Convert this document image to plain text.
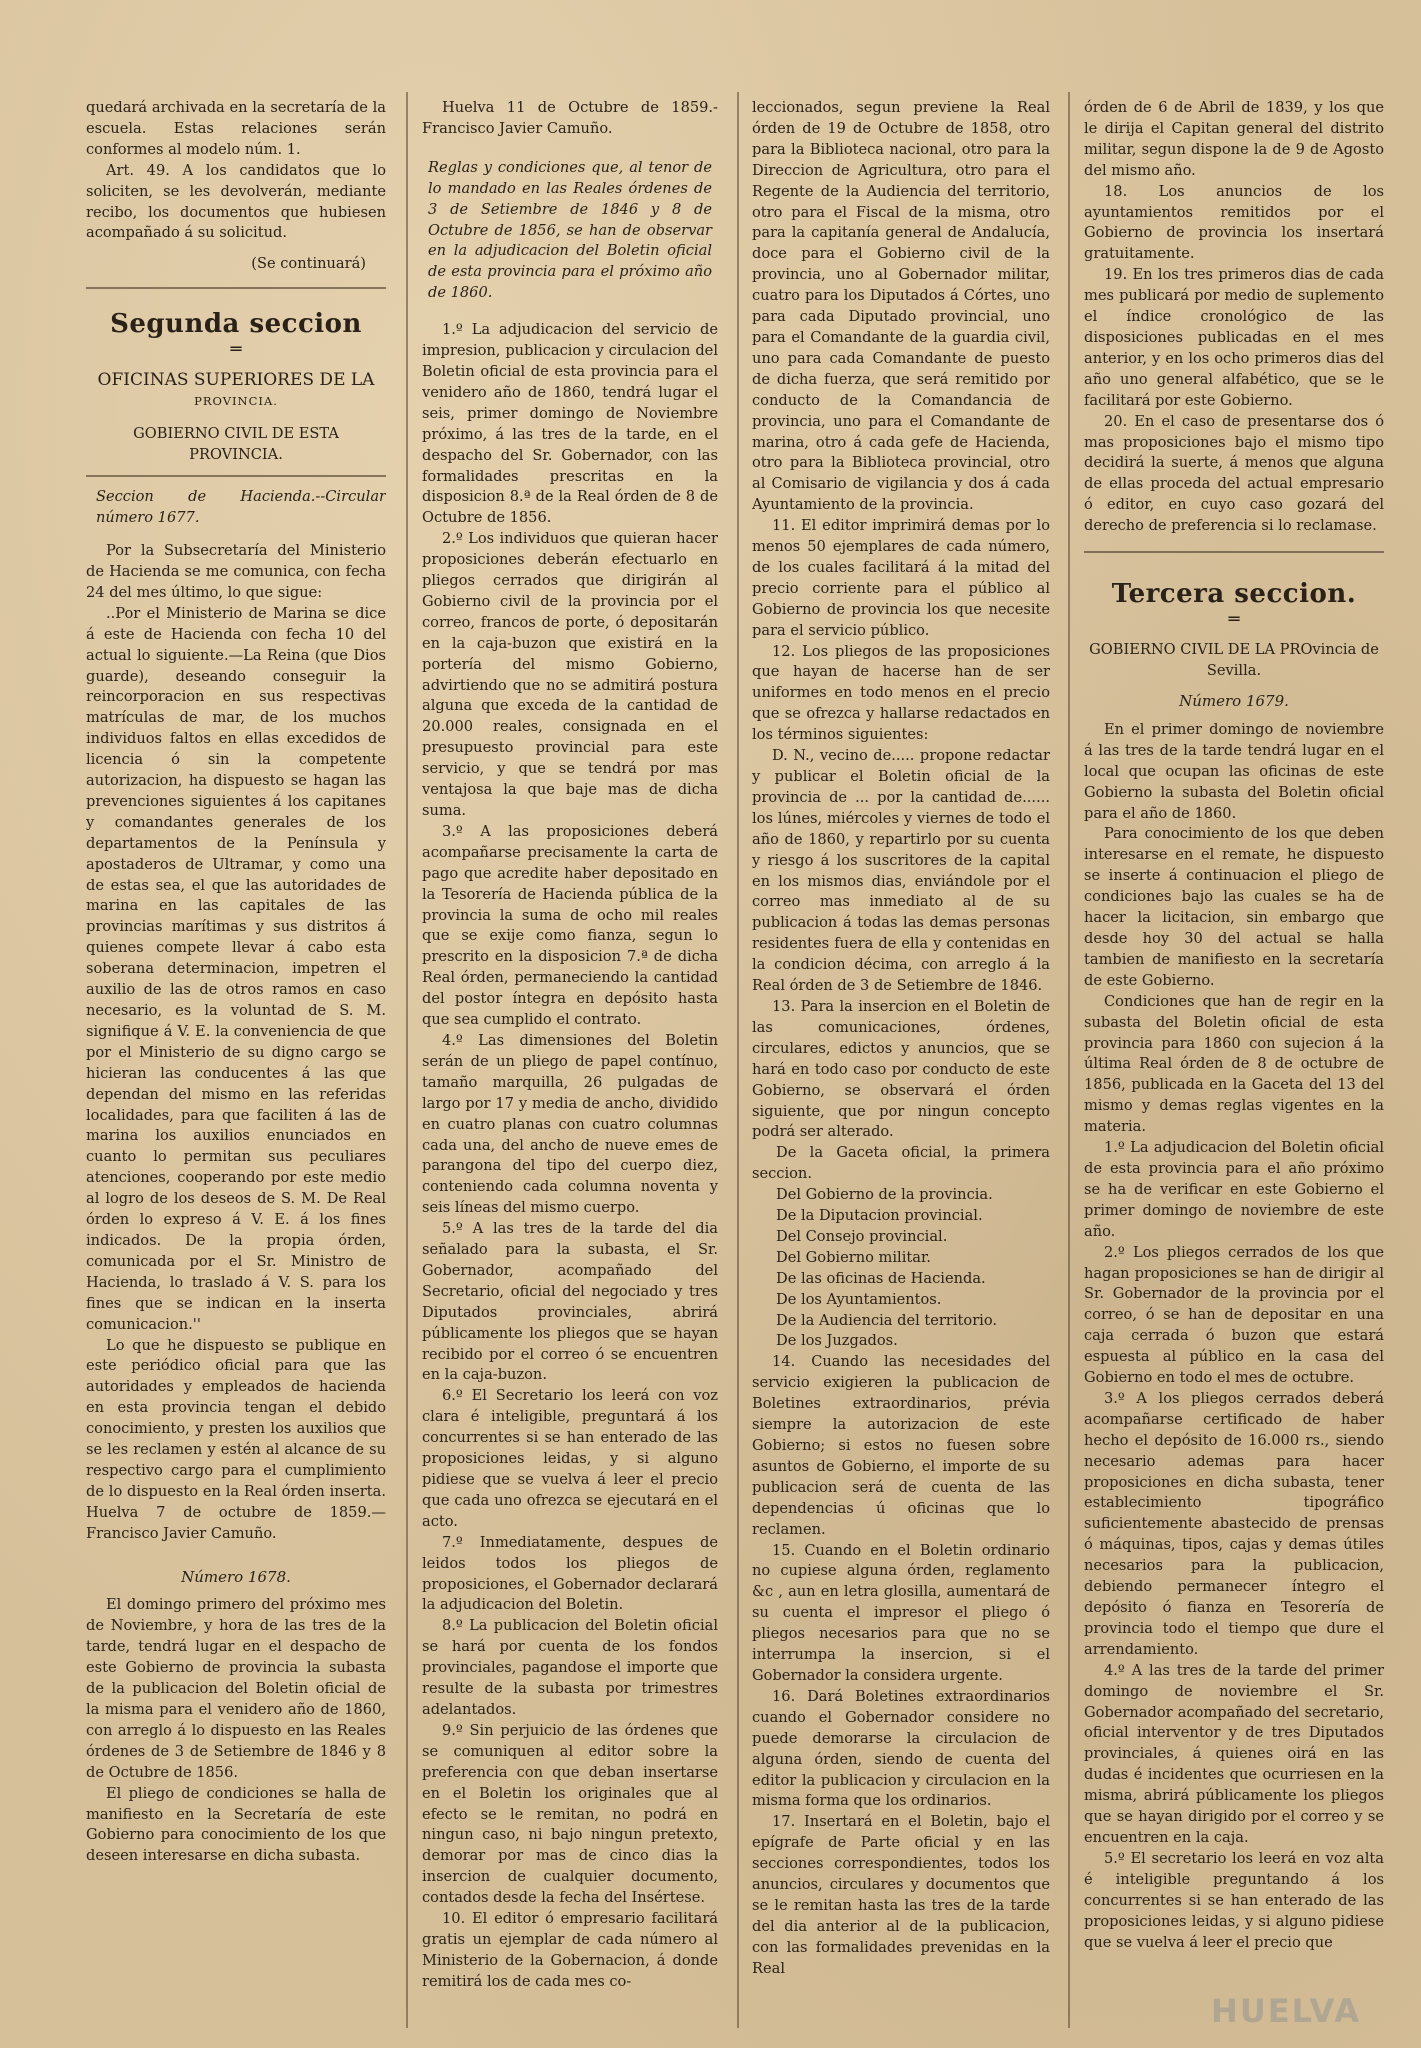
quedará archivada en la secretaría de la escuela. Estas relaciones serán conformes al modelo núm. 1.

Art. 49. A los candidatos que lo soliciten, se les devolverán, mediante recibo, los documentos que hubiesen acompañado á su solicitud.

(Se continuará)

Segunda seccion
═
OFICINAS SUPERIORES DE LA
PROVINCIA.
GOBIERNO CIVIL DE ESTA PROVINCIA.

Seccion de Hacienda.--Circular número 1677.

Por la Subsecretaría del Ministerio de Hacienda se me comunica, con fecha 24 del mes último, lo que sigue:

..Por el Ministerio de Marina se dice á este de Hacienda con fecha 10 del actual lo siguiente.—La Reina (que Dios guarde), deseando conseguir la reincorporacion en sus respectivas matrículas de mar, de los muchos individuos faltos en ellas excedidos de licencia ó sin la competente autorizacion, ha dispuesto se hagan las prevenciones siguientes á los capitanes y comandantes generales de los departamentos de la Península y apostaderos de Ultramar, y como una de estas sea, el que las autoridades de marina en las capitales de las provincias marítimas y sus distritos á quienes compete llevar á cabo esta soberana determinacion, impetren el auxilio de las de otros ramos en caso necesario, es la voluntad de S. M. signifique á V. E. la conveniencia de que por el Ministerio de su digno cargo se hicieran las conducentes á las que dependan del mismo en las referidas localidades, para que faciliten á las de marina los auxilios enunciados en cuanto lo permitan sus peculiares atenciones, cooperando por este medio al logro de los deseos de S. M. De Real órden lo expreso á V. E. á los fines indicados. De la propia órden, comunicada por el Sr. Ministro de Hacienda, lo traslado á V. S. para los fines que se indican en la inserta comunicacion.''

Lo que he dispuesto se publique en este periódico oficial para que las autoridades y empleados de hacienda en esta provincia tengan el debido conocimiento, y presten los auxilios que se les reclamen y estén al alcance de su respectivo cargo para el cumplimiento de lo dispuesto en la Real órden inserta. Huelva 7 de octubre de 1859.—Francisco Javier Camuño.

Número 1678.

El domingo primero del próximo mes de Noviembre, y hora de las tres de la tarde, tendrá lugar en el despacho de este Gobierno de provincia la subasta de la publicacion del Boletin oficial de la misma para el venidero año de 1860, con arreglo á lo dispuesto en las Reales órdenes de 3 de Setiembre de 1846 y 8 de Octubre de 1856.

El pliego de condiciones se halla de manifiesto en la Secretaría de este Gobierno para conocimiento de los que deseen interesarse en dicha subasta.

Huelva 11 de Octubre de 1859.-Francisco Javier Camuño.

Reglas y condiciones que, al tenor de lo mandado en las Reales órdenes de 3 de Setiembre de 1846 y 8 de Octubre de 1856, se han de observar en la adjudicacion del Boletin oficial de esta provincia para el próximo año de 1860.

1.º La adjudicacion del servicio de impresion, publicacion y circulacion del Boletin oficial de esta provincia para el venidero año de 1860, tendrá lugar el seis, primer domingo de Noviembre próximo, á las tres de la tarde, en el despacho del Sr. Gobernador, con las formalidades prescritas en la disposicion 8.ª de la Real órden de 8 de Octubre de 1856.

2.º Los individuos que quieran hacer proposiciones deberán efectuarlo en pliegos cerrados que dirigirán al Gobierno civil de la provincia por el correo, francos de porte, ó depositarán en la caja-buzon que existirá en la portería del mismo Gobierno, advirtiendo que no se admitirá postura alguna que exceda de la cantidad de 20.000 reales, consignada en el presupuesto provincial para este servicio, y que se tendrá por mas ventajosa la que baje mas de dicha suma.

3.º A las proposiciones deberá acompañarse precisamente la carta de pago que acredite haber depositado en la Tesorería de Hacienda pública de la provincia la suma de ocho mil reales que se exije como fianza, segun lo prescrito en la disposicion 7.ª de dicha Real órden, permaneciendo la cantidad del postor íntegra en depósito hasta que sea cumplido el contrato.

4.º Las dimensiones del Boletin serán de un pliego de papel contínuo, tamaño marquilla, 26 pulgadas de largo por 17 y media de ancho, dividido en cuatro planas con cuatro columnas cada una, del ancho de nueve emes de parangona del tipo del cuerpo diez, conteniendo cada columna noventa y seis líneas del mismo cuerpo.

5.º A las tres de la tarde del dia señalado para la subasta, el Sr. Gobernador, acompañado del Secretario, oficial del negociado y tres Diputados provinciales, abrirá públicamente los pliegos que se hayan recibido por el correo ó se encuentren en la caja-buzon.

6.º El Secretario los leerá con voz clara é inteligible, preguntará á los concurrentes si se han enterado de las proposiciones leidas, y si alguno pidiese que se vuelva á leer el precio que cada uno ofrezca se ejecutará en el acto.

7.º Inmediatamente, despues de leidos todos los pliegos de proposiciones, el Gobernador declarará la adjudicacion del Boletin.

8.º La publicacion del Boletin oficial se hará por cuenta de los fondos provinciales, pagandose el importe que resulte de la subasta por trimestres adelantados.

9.º Sin perjuicio de las órdenes que se comuniquen al editor sobre la preferencia con que deban insertarse en el Boletin los originales que al efecto se le remitan, no podrá en ningun caso, ni bajo ningun pretexto, demorar por mas de cinco dias la insercion de cualquier documento, contados desde la fecha del Insértese.

10. El editor ó empresario facilitará gratis un ejemplar de cada número al Ministerio de la Gobernacion, á donde remitirá los de cada mes co-

leccionados, segun previene la Real órden de 19 de Octubre de 1858, otro para la Biblioteca nacional, otro para la Direccion de Agricultura, otro para el Regente de la Audiencia del territorio, otro para el Fiscal de la misma, otro para la capitanía general de Andalucía, doce para el Gobierno civil de la provincia, uno al Gobernador militar, cuatro para los Diputados á Córtes, uno para cada Diputado provincial, uno para el Comandante de la guardia civil, uno para cada Comandante de puesto de dicha fuerza, que será remitido por conducto de la Comandancia de provincia, uno para el Comandante de marina, otro á cada gefe de Hacienda, otro para la Biblioteca provincial, otro al Comisario de vigilancia y dos á cada Ayuntamiento de la provincia.

11. El editor imprimirá demas por lo menos 50 ejemplares de cada número, de los cuales facilitará á la mitad del precio corriente para el público al Gobierno de provincia los que necesite para el servicio público.

12. Los pliegos de las proposiciones que hayan de hacerse han de ser uniformes en todo menos en el precio que se ofrezca y hallarse redactados en los términos siguientes:

D. N., vecino de..... propone redactar y publicar el Boletin oficial de la provincia de ... por la cantidad de...... los lúnes, miércoles y viernes de todo el año de 1860, y repartirlo por su cuenta y riesgo á los suscritores de la capital en los mismos dias, enviándole por el correo mas inmediato al de su publicacion á todas las demas personas residentes fuera de ella y contenidas en la condicion décima, con arreglo á la Real órden de 3 de Setiembre de 1846.

13. Para la insercion en el Boletin de las comunicaciones, órdenes, circulares, edictos y anuncios, que se hará en todo caso por conducto de este Gobierno, se observará el órden siguiente, que por ningun concepto podrá ser alterado.

De la Gaceta oficial, la primera seccion.

Del Gobierno de la provincia.

De la Diputacion provincial.

Del Consejo provincial.

Del Gobierno militar.

De las oficinas de Hacienda.

De los Ayuntamientos.

De la Audiencia del territorio.

De los Juzgados.

14. Cuando las necesidades del servicio exigieren la publicacion de Boletines extraordinarios, prévia siempre la autorizacion de este Gobierno; si estos no fuesen sobre asuntos de Gobierno, el importe de su publicacion será de cuenta de las dependencias ú oficinas que lo reclamen.

15. Cuando en el Boletin ordinario no cupiese alguna órden, reglamento &c , aun en letra glosilla, aumentará de su cuenta el impresor el pliego ó pliegos necesarios para que no se interrumpa la insercion, si el Gobernador la considera urgente.

16. Dará Boletines extraordinarios cuando el Gobernador considere no puede demorarse la circulacion de alguna órden, siendo de cuenta del editor la publicacion y circulacion en la misma forma que los ordinarios.

17. Insertará en el Boletin, bajo el epígrafe de Parte oficial y en las secciones correspondientes, todos los anuncios, circulares y documentos que se le remitan hasta las tres de la tarde del dia anterior al de la publicacion, con las formalidades prevenidas en la Real

órden de 6 de Abril de 1839, y los que le dirija el Capitan general del distrito militar, segun dispone la de 9 de Agosto del mismo año.

18. Los anuncios de los ayuntamientos remitidos por el Gobierno de provincia los insertará gratuitamente.

19. En los tres primeros dias de cada mes publicará por medio de suplemento el índice cronológico de las disposiciones publicadas en el mes anterior, y en los ocho primeros dias del año uno general alfabético, que se le facilitará por este Gobierno.

20. En el caso de presentarse dos ó mas proposiciones bajo el mismo tipo decidirá la suerte, á menos que alguna de ellas proceda del actual empresario ó editor, en cuyo caso gozará del derecho de preferencia si lo reclamase.

Tercera seccion.
═
GOBIERNO CIVIL DE LA PROvincia de Sevilla.
Número 1679.

En el primer domingo de noviembre á las tres de la tarde tendrá lugar en el local que ocupan las oficinas de este Gobierno la subasta del Boletin oficial para el año de 1860.

Para conocimiento de los que deben interesarse en el remate, he dispuesto se inserte á continuacion el pliego de condiciones bajo las cuales se ha de hacer la licitacion, sin embargo que desde hoy 30 del actual se halla tambien de manifiesto en la secretaría de este Gobierno.

Condiciones que han de regir en la subasta del Boletin oficial de esta provincia para 1860 con sujecion á la última Real órden de 8 de octubre de 1856, publicada en la Gaceta del 13 del mismo y demas reglas vigentes en la materia.

1.º La adjudicacion del Boletin oficial de esta provincia para el año próximo se ha de verificar en este Gobierno el primer domingo de noviembre de este año.

2.º Los pliegos cerrados de los que hagan proposiciones se han de dirigir al Sr. Gobernador de la provincia por el correo, ó se han de depositar en una caja cerrada ó buzon que estará espuesta al público en la casa del Gobierno en todo el mes de octubre.

3.º A los pliegos cerrados deberá acompañarse certificado de haber hecho el depósito de 16.000 rs., siendo necesario ademas para hacer proposiciones en dicha subasta, tener establecimiento tipográfico suficientemente abastecido de prensas ó máquinas, tipos, cajas y demas útiles necesarios para la publicacion, debiendo permanecer íntegro el depósito ó fianza en Tesorería de provincia todo el tiempo que dure el arrendamiento.

4.º A las tres de la tarde del primer domingo de noviembre el Sr. Gobernador acompañado del secretario, oficial interventor y de tres Diputados provinciales, á quienes oirá en las dudas é incidentes que ocurriesen en la misma, abrirá públicamente los pliegos que se hayan dirigido por el correo y se encuentren en la caja.

5.º El secretario los leerá en voz alta é inteligible preguntando á los concurrentes si se han enterado de las proposiciones leidas, y si alguno pidiese que se vuelva á leer el precio que

HUELVA
